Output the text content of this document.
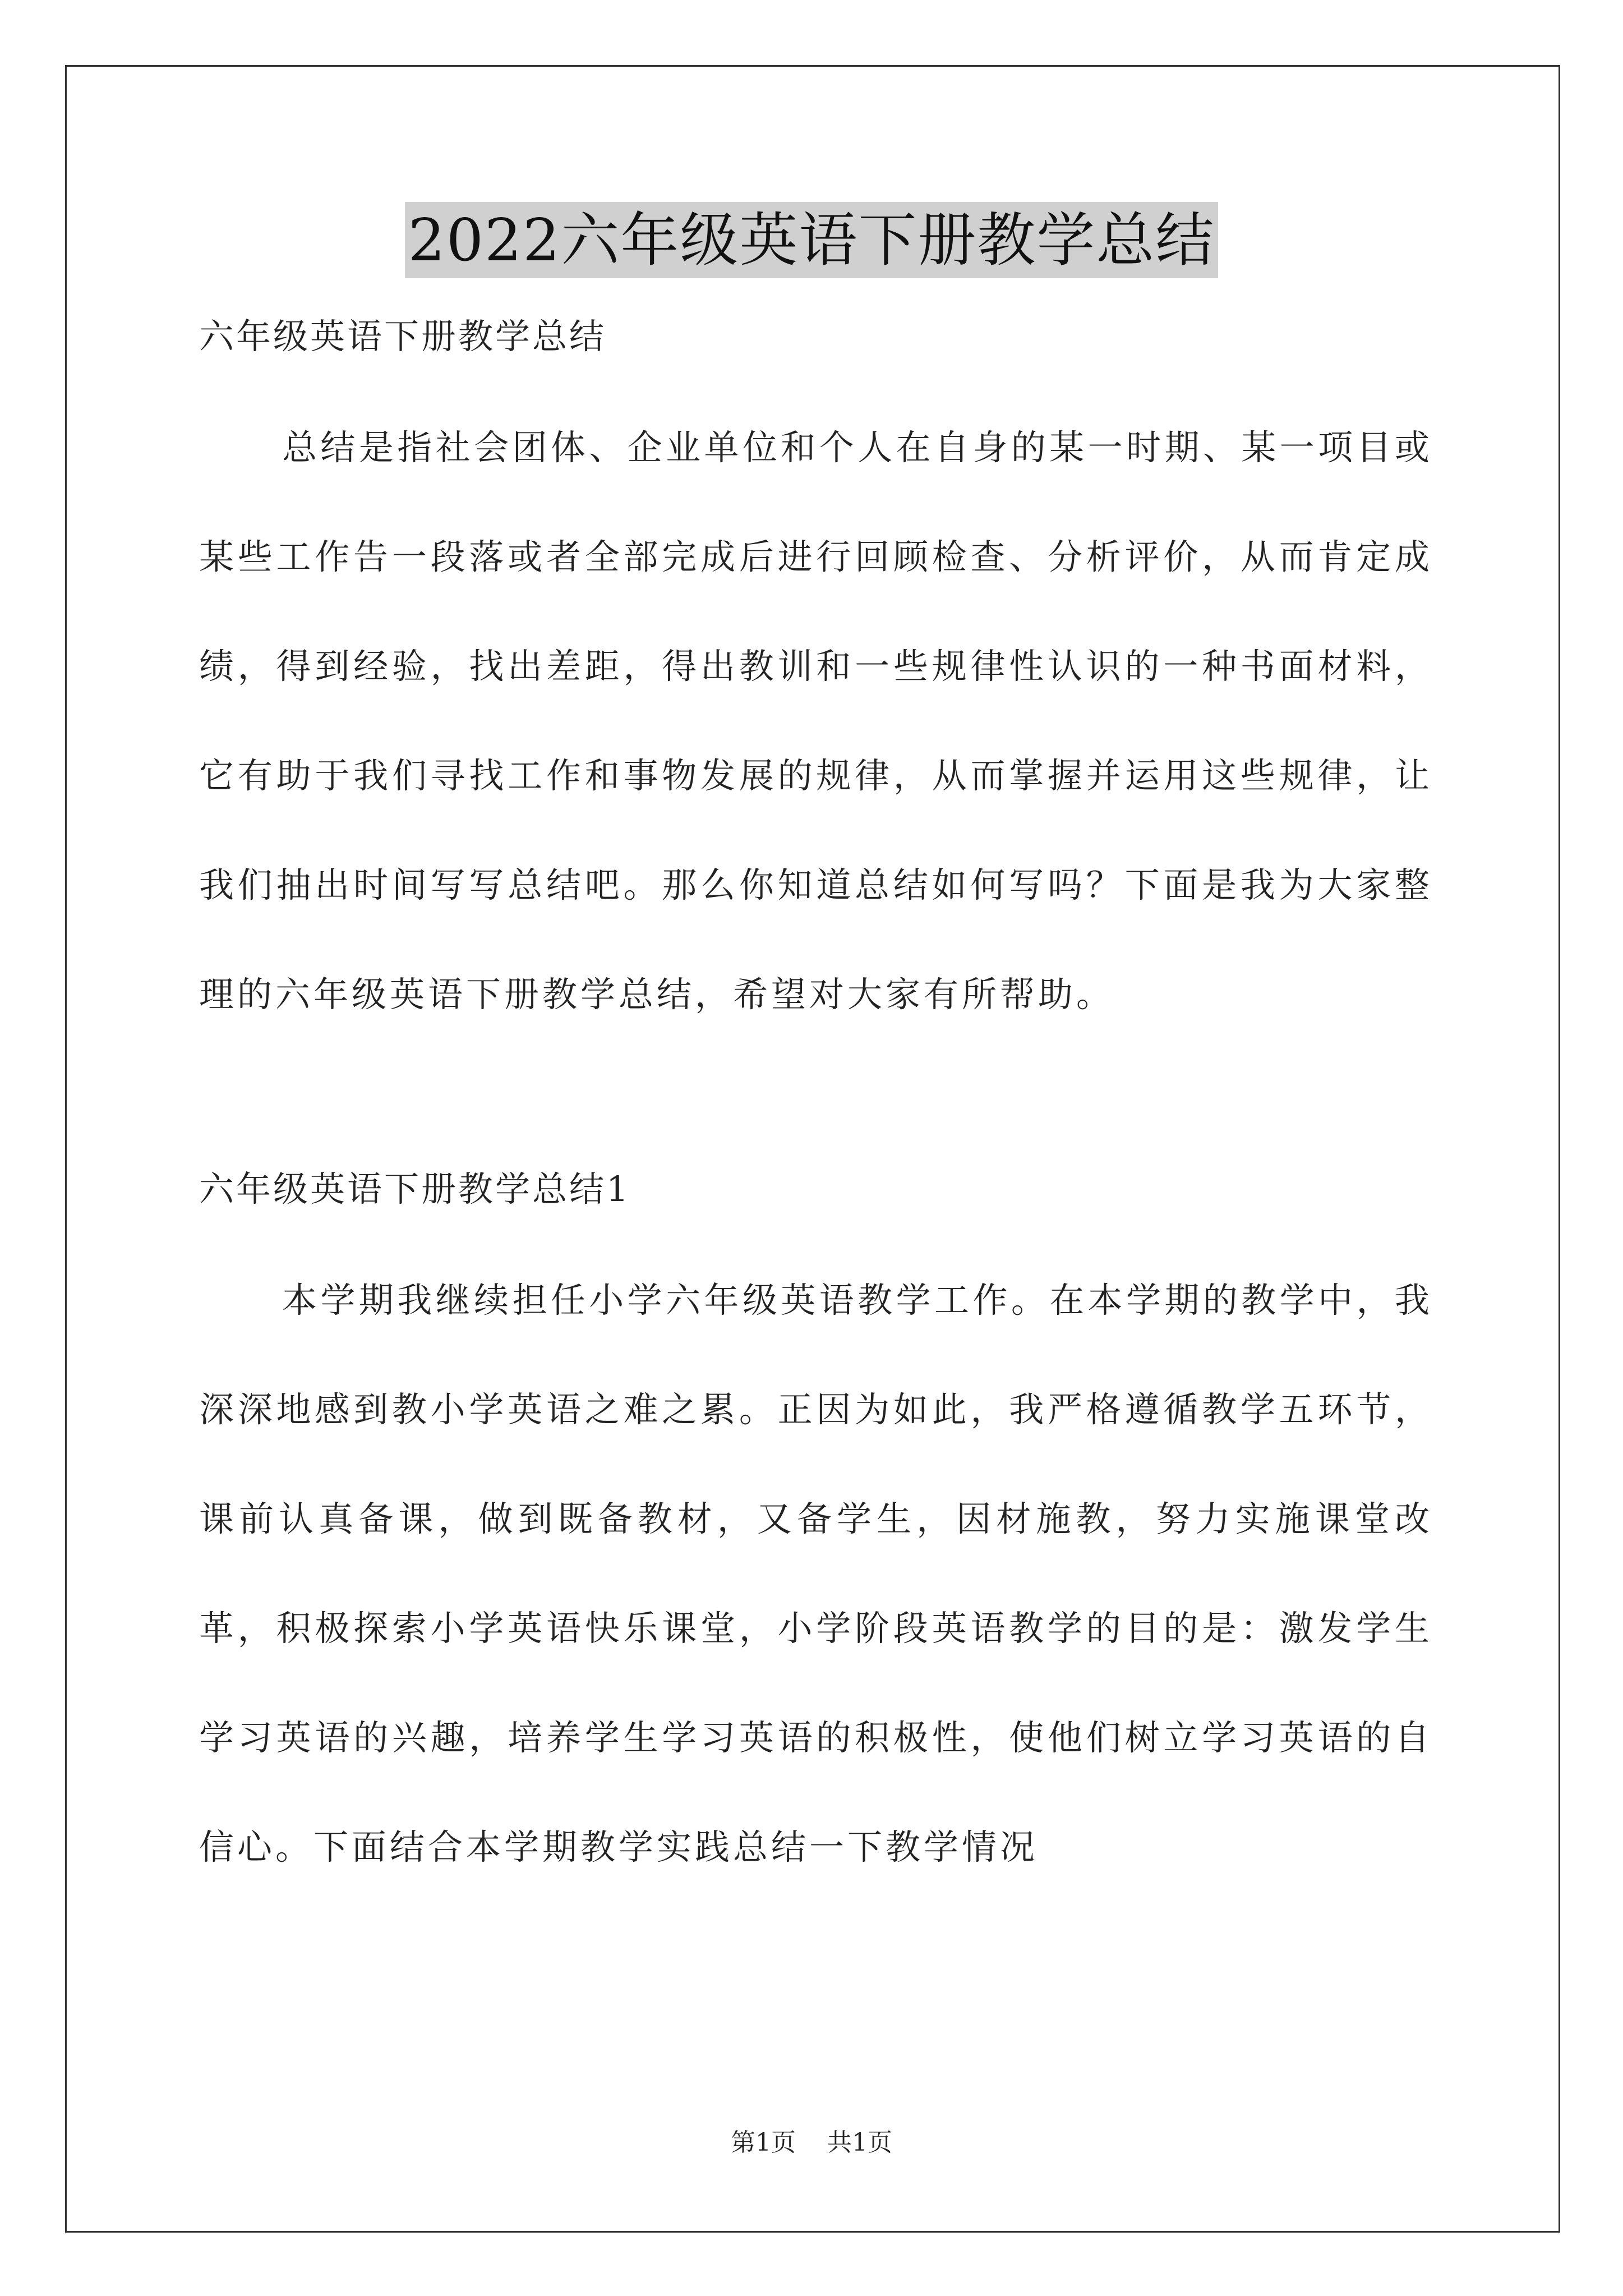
2022六年级英语下册教学总结

六年级英语下册教学总结

总结是指社会团体、企业单位和个人在自身的某一时期、某一项目或某些工作告一段落或者全部完成后进行回顾检查、分析评价，从而肯定成绩，得到经验，找出差距，得出教训和一些规律性认识的一种书面材料，它有助于我们寻找工作和事物发展的规律，从而掌握并运用这些规律，让我们抽出时间写写总结吧。那么你知道总结如何写吗？下面是我为大家整理的六年级英语下册教学总结，希望对大家有所帮助。

六年级英语下册教学总结1

本学期我继续担任小学六年级英语教学工作。在本学期的教学中，我深深地感到教小学英语之难之累。正因为如此，我严格遵循教学五环节，课前认真备课，做到既备教材，又备学生，因材施教，努力实施课堂改革，积极探索小学英语快乐课堂，小学阶段英语教学的目的是：激发学生学习英语的兴趣，培养学生学习英语的积极性，使他们树立学习英语的自信心。下面结合本学期教学实践总结一下教学情况

第1页 共1页
